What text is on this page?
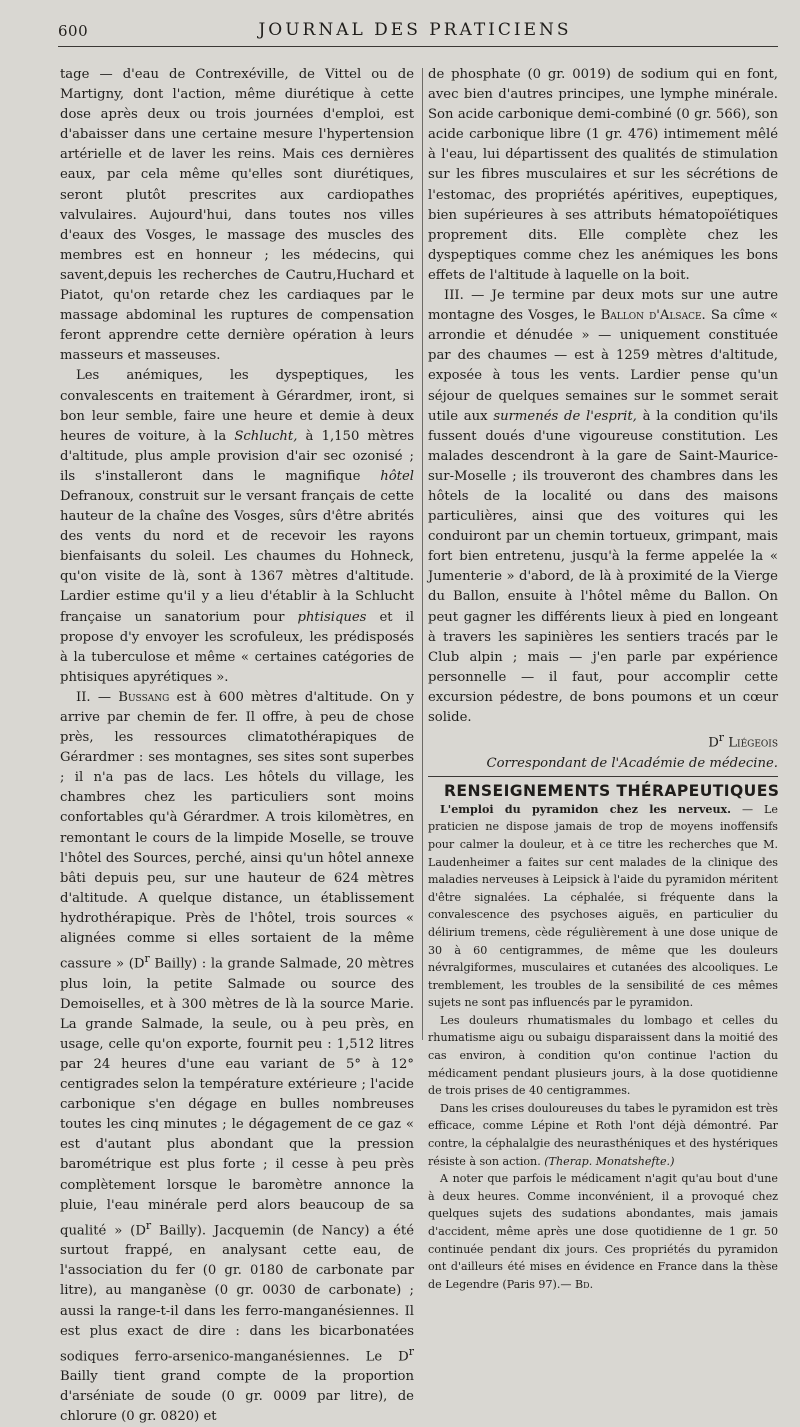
600	JOURNAL DES PRATICIENS

tage — d'eau de Contrexéville, de Vittel ou de Martigny, dont l'action, même diurétique à cette dose après deux ou trois journées d'emploi, est d'abaisser dans une certaine mesure l'hypertension artérielle et de laver les reins. Mais ces dernières eaux, par cela même qu'elles sont diurétiques, seront plutôt prescrites aux cardiopathes valvulaires. Aujourd'hui, dans toutes nos villes d'eaux des Vosges, le massage des muscles des membres est en honneur ; les médecins, qui savent,depuis les recherches de Cautru,Huchard et Piatot, qu'on retarde chez les cardiaques par le massage abdominal les ruptures de compensation feront apprendre cette dernière opération à leurs masseurs et masseuses.

Les anémiques, les dyspeptiques, les convalescents en traitement à Gérardmer, iront, si bon leur semble, faire une heure et demie à deux heures de voiture, à la Schlucht, à 1,150 mètres d'altitude, plus ample provision d'air sec ozonisé ; ils s'installeront dans le magnifique hôtel Defranoux, construit sur le versant français de cette hauteur de la chaîne des Vosges, sûrs d'être abrités des vents du nord et de recevoir les rayons bienfaisants du soleil. Les chaumes du Hohneck, qu'on visite de là, sont à 1367 mètres d'altitude. Lardier estime qu'il y a lieu d'établir à la Schlucht française un sanatorium pour phtisiques et il propose d'y envoyer les scrofuleux, les prédisposés à la tuberculose et même « certaines catégories de phtisiques apyrétiques ».

II. — Bussang est à 600 mètres d'altitude. On y arrive par chemin de fer. Il offre, à peu de chose près, les ressources climatothérapiques de Gérardmer : ses montagnes, ses sites sont superbes ; il n'a pas de lacs. Les hôtels du village, les chambres chez les particuliers sont moins confortables qu'à Gérardmer. A trois kilomètres, en remontant le cours de la limpide Moselle, se trouve l'hôtel des Sources, perché, ainsi qu'un hôtel annexe bâti depuis peu, sur une hauteur de 624 mètres d'altitude. A quelque distance, un établissement hydrothérapique. Près de l'hôtel, trois sources « alignées comme si elles sortaient de la même cassure » ($D^r$ Bailly) : la grande Salmade, 20 mètres plus loin, la petite Salmade ou source des Demoiselles, et à 300 mètres de là la source Marie. La grande Salmade, la seule, ou à peu près, en usage, celle qu'on exporte, fournit peu : 1,512 litres par 24 heures d'une eau variant de 5° à 12° centigrades selon la température extérieure ; l'acide carbonique s'en dégage en bulles nombreuses toutes les cinq minutes ; le dégagement de ce gaz « est d'autant plus abondant que la pression barométrique est plus forte ; il cesse à peu près complètement lorsque le baromètre annonce la pluie, l'eau minérale perd alors beaucoup de sa qualité » ($D^r$ Bailly). Jacquemin (de Nancy) a été surtout frappé, en analysant cette eau, de l'association du fer (0 gr. 0180 de carbonate par litre), au manganèse (0 gr. 0030 de carbonate) ; aussi la range-t-il dans les ferro-manganésiennes. Il est plus exact de dire : dans les bicarbonatées sodiques ferro-arsenico-manganésiennes. Le $D^r$ Bailly tient grand compte de la proportion d'arséniate de soude (0 gr. 0009 par litre), de chlorure (0 gr. 0820) et

de phosphate (0 gr. 0019) de sodium qui en font, avec bien d'autres principes, une lymphe minérale. Son acide carbonique demi-combiné (0 gr. 566), son acide carbonique libre (1 gr. 476) intimement mêlé à l'eau, lui départissent des qualités de stimulation sur les fibres musculaires et sur les sécrétions de l'estomac, des propriétés apéritives, eupeptiques, bien supérieures à ses attributs hématopoïétiques proprement dits. Elle complète chez les dyspeptiques comme chez les anémiques les bons effets de l'altitude à laquelle on la boit.

III. — Je termine par deux mots sur une autre montagne des Vosges, le Ballon d'Alsace. Sa cîme « arrondie et dénudée » — uniquement constituée par des chaumes — est à 1259 mètres d'altitude, exposée à tous les vents. Lardier pense qu'un séjour de quelques semaines sur le sommet serait utile aux surmenés de l'esprit, à la condition qu'ils fussent doués d'une vigoureuse constitution. Les malades descendront à la gare de Saint-Maurice-sur-Moselle ; ils trouveront des chambres dans les hôtels de la localité ou dans des maisons particulières, ainsi que des voitures qui les conduiront par un chemin tortueux, grimpant, mais fort bien entretenu, jusqu'à la ferme appelée la « Jumenterie » d'abord, de là à proximité de la Vierge du Ballon, ensuite à l'hôtel même du Ballon. On peut gagner les différents lieux à pied en longeant à travers les sapinières les sentiers tracés par le Club alpin ; mais — j'en parle par expérience personnelle — il faut, pour accomplir cette excursion pédestre, de bons poumons et un cœur solide.

$D^r$ Liégeois

Correspondant de l'Académie de médecine.

RENSEIGNEMENTS THÉRAPEUTIQUES

L'emploi du pyramidon chez les nerveux. — Le praticien ne dispose jamais de trop de moyens inoffensifs pour calmer la douleur, et à ce titre les recherches que M. Laudenheimer a faites sur cent malades de la clinique des maladies nerveuses à Leipsick à l'aide du pyramidon méritent d'être signalées. La céphalée, si fréquente dans la convalescence des psychoses aiguës, en particulier du délirium tremens, cède régulièrement à une dose unique de 30 à 60 centigrammes, de même que les douleurs névralgiformes, musculaires et cutanées des alcooliques. Le tremblement, les troubles de la sensibilité de ces mêmes sujets ne sont pas influencés par le pyramidon.

Les douleurs rhumatismales du lombago et celles du rhumatisme aigu ou subaigu disparaissent dans la moitié des cas environ, à condition qu'on continue l'action du médicament pendant plusieurs jours, à la dose quotidienne de trois prises de 40 centigrammes.

Dans les crises douloureuses du tabes le pyramidon est très efficace, comme Lépine et Roth l'ont déjà démontré. Par contre, la céphalalgie des neurasthéniques et des hystériques résiste à son action. (Therap. Monatshefte.)

A noter que parfois le médicament n'agit qu'au bout d'une à deux heures. Comme inconvénient, il a provoqué chez quelques sujets des sudations abondantes, mais jamais d'accident, même après une dose quotidienne de 1 gr. 50 continuée pendant dix jours. Ces propriétés du pyramidon ont d'ailleurs été mises en évidence en France dans la thèse de Legendre (Paris 97).— Bd.
